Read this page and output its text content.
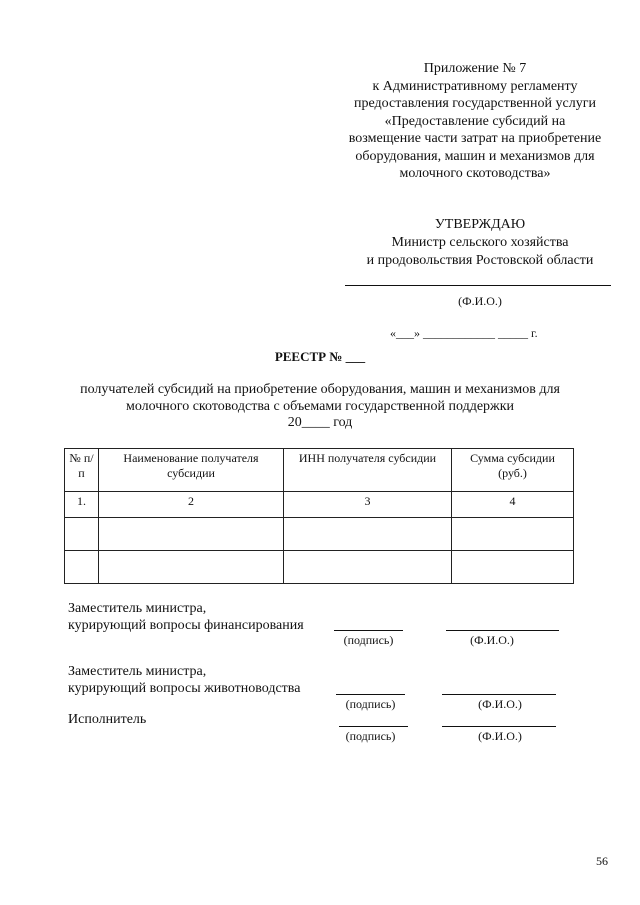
Приложение № 7
к Административному регламенту
предоставления государственной услуги
«Предоставление субсидий на
возмещение части затрат на приобретение
оборудования, машин и механизмов для
молочного скотоводства»
УТВЕРЖДАЮ
Министр сельского хозяйства
и продовольствия Ростовской области
(Ф.И.О.)
«___» ____________ _____ г.
РЕЕСТР № ___
получателей субсидий на приобретение оборудования, машин и механизмов для
молочного скотоводства с объемами государственной поддержки
20____ год
№ п/п	Наименование получателя субсидии	ИНН получателя субсидии	Сумма субсидии (руб.)
1.	2	3	4

Заместитель министра,
курирующий вопросы финансирования
(подпись)	(Ф.И.О.)
Заместитель министра,
курирующий вопросы животноводства
(подпись)	(Ф.И.О.)
Исполнитель
(подпись)	(Ф.И.О.)
56
